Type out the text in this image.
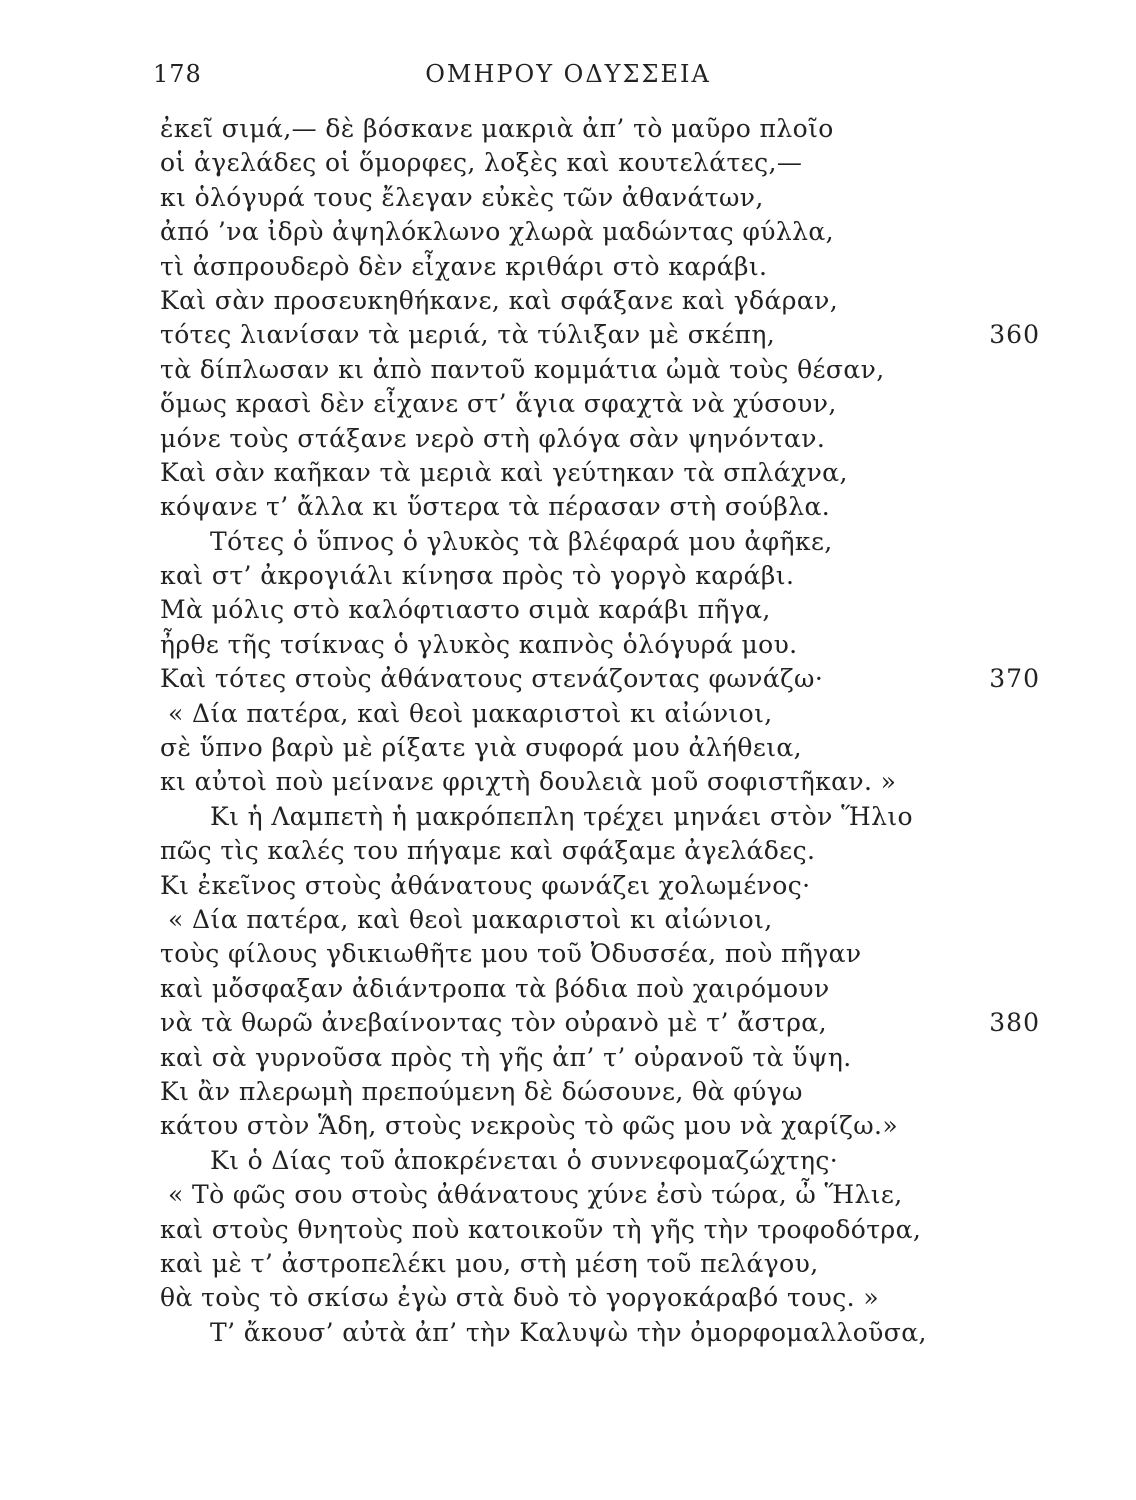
178	ΟΜΗΡΟΥ ΟΔΥΣΣΕΙΑ
ἐκεῖ σιμά,— δὲ βόσκανε μακριὰ ἀπ’ τὸ μαῦρο πλοῖο
οἱ ἀγελάδες οἱ ὅμορφες, λοξὲς καὶ κουτελάτες,—
κι ὁλόγυρά τους ἔλεγαν εὐκὲς τῶν ἀθανάτων,
ἀπό ’να ἰδρὺ ἀψηλόκλωνο χλωρὰ μαδώντας φύλλα,
τὶ ἀσπρουδερὸ δὲν εἶχανε κριθάρι στὸ καράβι.
Καὶ σὰν προσευκηθήκανε, καὶ σφάξανε καὶ γδάραν,
τότες λιανίσαν τὰ μεριά, τὰ τύλιξαν μὲ σκέπη,	360
τὰ δίπλωσαν κι ἀπὸ παντοῦ κομμάτια ὠμὰ τοὺς θέσαν,
ὅμως κρασὶ δὲν εἶχανε στ’ ἅγια σφαχτὰ νὰ χύσουν,
μόνε τοὺς στάξανε νερὸ στὴ φλόγα σὰν ψηνόνταν.
Καὶ σὰν καῆκαν τὰ μεριὰ καὶ γεύτηκαν τὰ σπλάχνα,
κόψανε τ’ ἄλλα κι ὕστερα τὰ πέρασαν στὴ σούβλα.
Τότες ὁ ὕπνος ὁ γλυκὸς τὰ βλέφαρά μου ἀφῆκε,
καὶ στ’ ἀκρογιάλι κίνησα πρὸς τὸ γοργὸ καράβι.
Μὰ μόλις στὸ καλόφτιαστο σιμὰ καράβι πῆγα,
ἦρθε τῆς τσίκνας ὁ γλυκὸς καπνὸς ὁλόγυρά μου.
Καὶ τότες στοὺς ἀθάνατους στενάζοντας φωνάζω·	370
« Δία πατέρα, καὶ θεοὶ μακαριστοὶ κι αἰώνιοι,
σὲ ὕπνο βαρὺ μὲ ρίξατε γιὰ συφορά μου ἀλήθεια,
κι αὐτοὶ ποὺ μείνανε φριχτὴ δουλειὰ μοῦ σοφιστῆκαν. »
Κι ἡ Λαμπετὴ ἡ μακρόπεπλη τρέχει μηνάει στὸν Ἥλιο
πῶς τὶς καλές του πήγαμε καὶ σφάξαμε ἀγελάδες.
Κι ἐκεῖνος στοὺς ἀθάνατους φωνάζει χολωμένος·
« Δία πατέρα, καὶ θεοὶ μακαριστοὶ κι αἰώνιοι,
τοὺς φίλους γδικιωθῆτε μου τοῦ Ὀδυσσέα, ποὺ πῆγαν
καὶ μὄσφαξαν ἀδιάντροπα τὰ βόδια ποὺ χαιρόμουν
νὰ τὰ θωρῶ ἀνεβαίνοντας τὸν οὐρανὸ μὲ τ’ ἄστρα,	380
καὶ σὰ γυρνοῦσα πρὸς τὴ γῆς ἀπ’ τ’ οὐρανοῦ τὰ ὕψη.
Κι ἂν πλερωμὴ πρεπούμενη δὲ δώσουνε, θὰ φύγω
κάτου στὸν Ἅδη, στοὺς νεκροὺς τὸ φῶς μου νὰ χαρίζω.»
Κι ὁ Δίας τοῦ ἀποκρένεται ὁ συννεφομαζώχτης·
« Τὸ φῶς σου στοὺς ἀθάνατους χύνε ἐσὺ τώρα, ὦ Ἥλιε,
καὶ στοὺς θνητοὺς ποὺ κατοικοῦν τὴ γῆς τὴν τροφοδότρα,
καὶ μὲ τ’ ἀστροπελέκι μου, στὴ μέση τοῦ πελάγου,
θὰ τοὺς τὸ σκίσω ἐγὼ στὰ δυὸ τὸ γοργοκάραβό τους. »
Τ’ ἄκουσ’ αὐτὰ ἀπ’ τὴν Καλυψὼ τὴν ὀμορφομαλλοῦσα,
